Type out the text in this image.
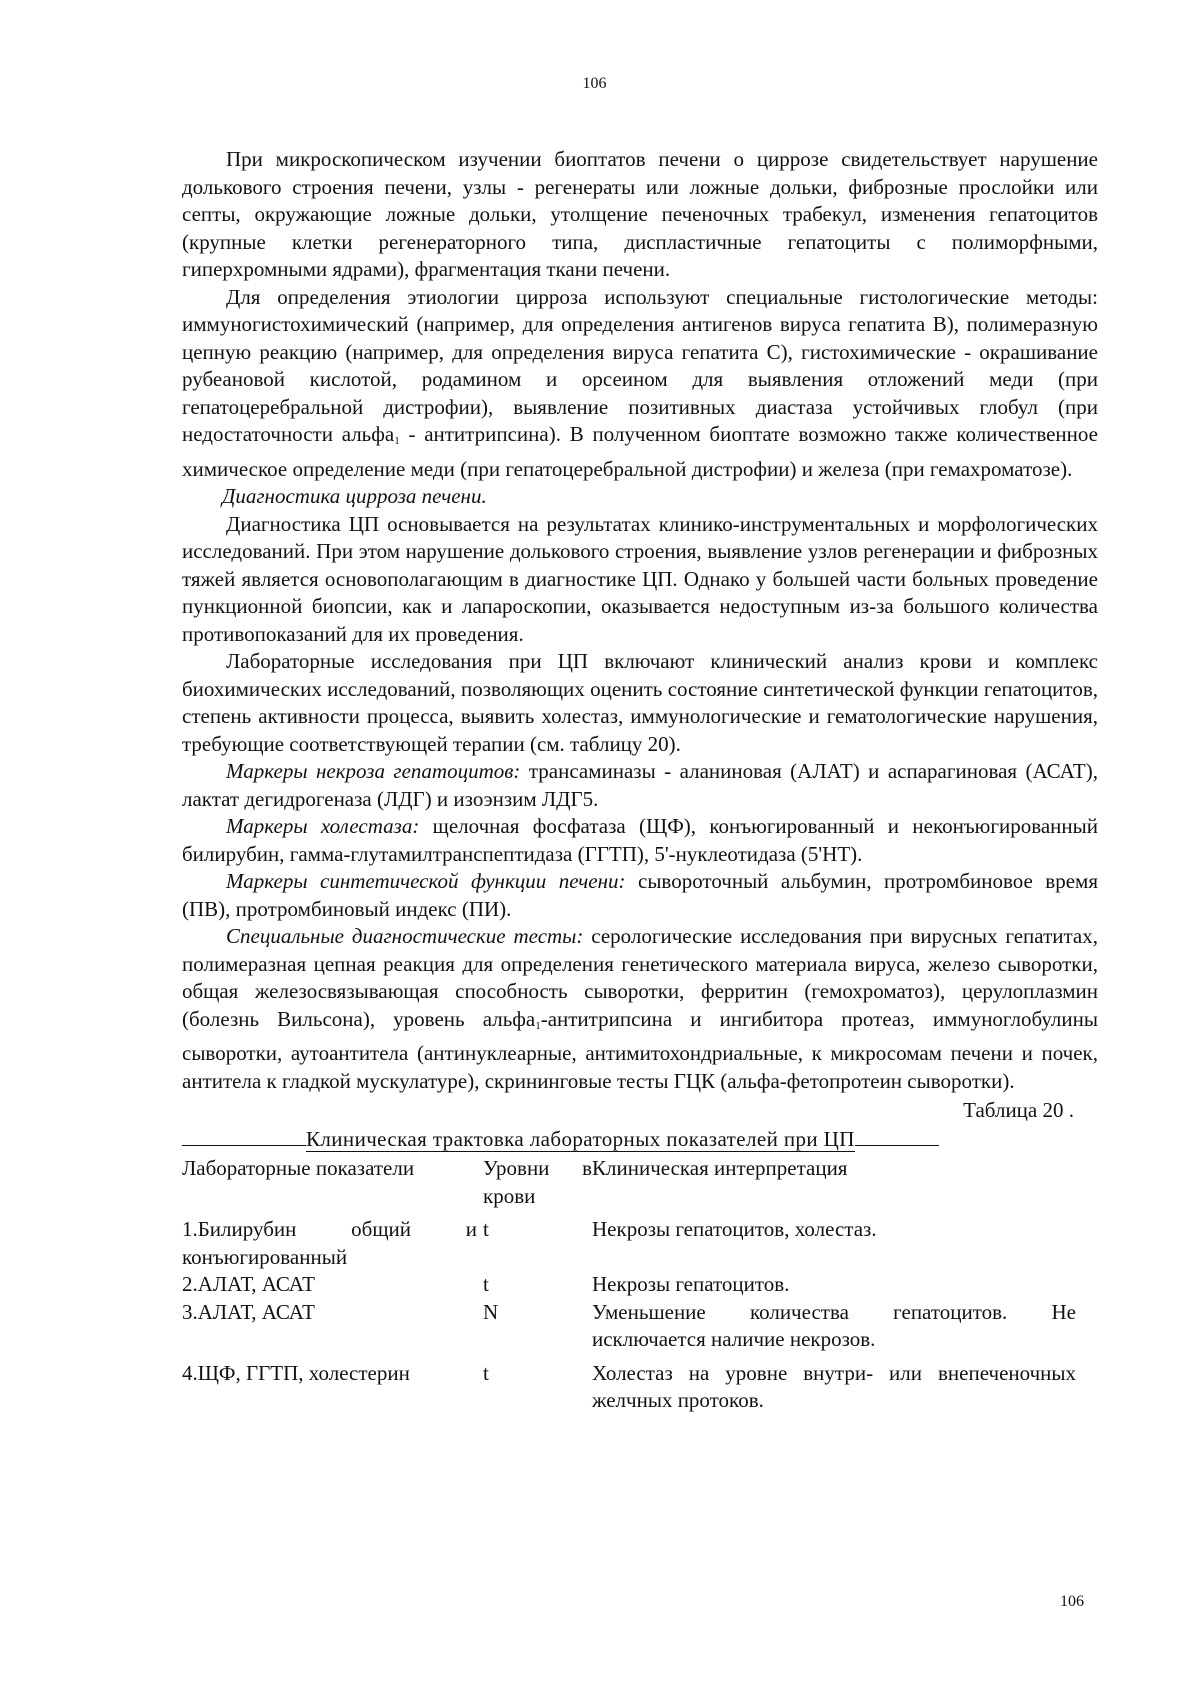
106

При микроскопическом изучении биоптатов печени о циррозе свидетельствует нарушение долькового строения печени, узлы - регенераты или ложные дольки, фиброзные прослойки или септы, окружающие ложные дольки, утолщение печеночных трабекул, изменения гепатоцитов (крупные клетки регенераторного типа, диспластичные гепатоциты с полиморфными, гиперхромными ядрами), фрагментация ткани печени.

Для определения этиологии цирроза используют специальные гистологические методы: иммуногистохимический (например, для определения антигенов вируса гепатита В), полимеразную цепную реакцию (например, для определения вируса гепатита С), гистохимические - окрашивание рубеановой кислотой, родамином и орсеином для выявления отложений меди (при гепатоцеребральной дистрофии), выявление позитивных диастаза устойчивых глобул (при недостаточности альфа$_1$ - антитрипсина). В полученном биоптате возможно также количественное химическое определение меди (при гепатоцеребральной дистрофии) и железа (при гемахроматозе).

Диагностика цирроза печени.

Диагностика ЦП основывается на результатах клинико-инструментальных и морфологических исследований. При этом нарушение долькового строения, выявление узлов регенерации и фиброзных тяжей является основополагающим в диагностике ЦП. Однако у большей части больных проведение пункционной биопсии, как и лапароскопии, оказывается недоступным из-за большого количества противопоказаний для их проведения.

Лабораторные исследования при ЦП включают клинический анализ крови и комплекс биохимических исследований, позволяющих оценить состояние синтетической функции гепатоцитов, степень активности процесса, выявить холестаз, иммунологические и гематологические нарушения, требующие соответствующей терапии (см. таблицу 20).

Маркеры некроза гепатоцитов: трансаминазы - аланиновая (АЛАТ) и аспарагиновая (АСАТ), лактат дегидрогеназа (ЛДГ) и изоэнзим ЛДГ5.

Маркеры холестаза: щелочная фосфатаза (ЩФ), конъюгированный и неконъюгированный билирубин, гамма-глутамилтранспептидаза (ГГТП), 5'-нуклеотидаза (5'НТ).

Маркеры синтетической функции печени: сывороточный альбумин, протромбиновое время (ПВ), протромбиновый индекс (ПИ).

Специальные диагностические тесты: серологические исследования при вирусных гепатитах, полимеразная цепная реакция для определения генетического материала вируса, железо сыворотки, общая железосвязывающая способность сыворотки, ферритин (гемохроматоз), церулоплазмин (болезнь Вильсона), уровень альфа$_1$-антитрипсина и ингибитора протеаз, иммуноглобулины сыворотки, аутоантитела (антинуклеарные, антимитохондриальные, к микросомам печени и почек, антитела к гладкой мускулатуре), скрининговые тесты ГЦК (альфа-фетопротеин сыворотки).

Таблица 20 .

Клиническая трактовка лабораторных показателей при ЦП

Лабораторные показатели	Уровни в крови	Клиническая интерпретация
1.Билирубин общий и конъюгированный	t	Некрозы гепатоцитов, холестаз.
2.АЛАТ, АСАТ	t	Некрозы гепатоцитов.
3.АЛАТ, АСАТ	N	Уменьшение количества гепатоцитов. Не исключается наличие некрозов.
4.ЩФ, ГГТП, холестерин	t	Холестаз на уровне внутри- или внепеченочных желчных протоков.
106
